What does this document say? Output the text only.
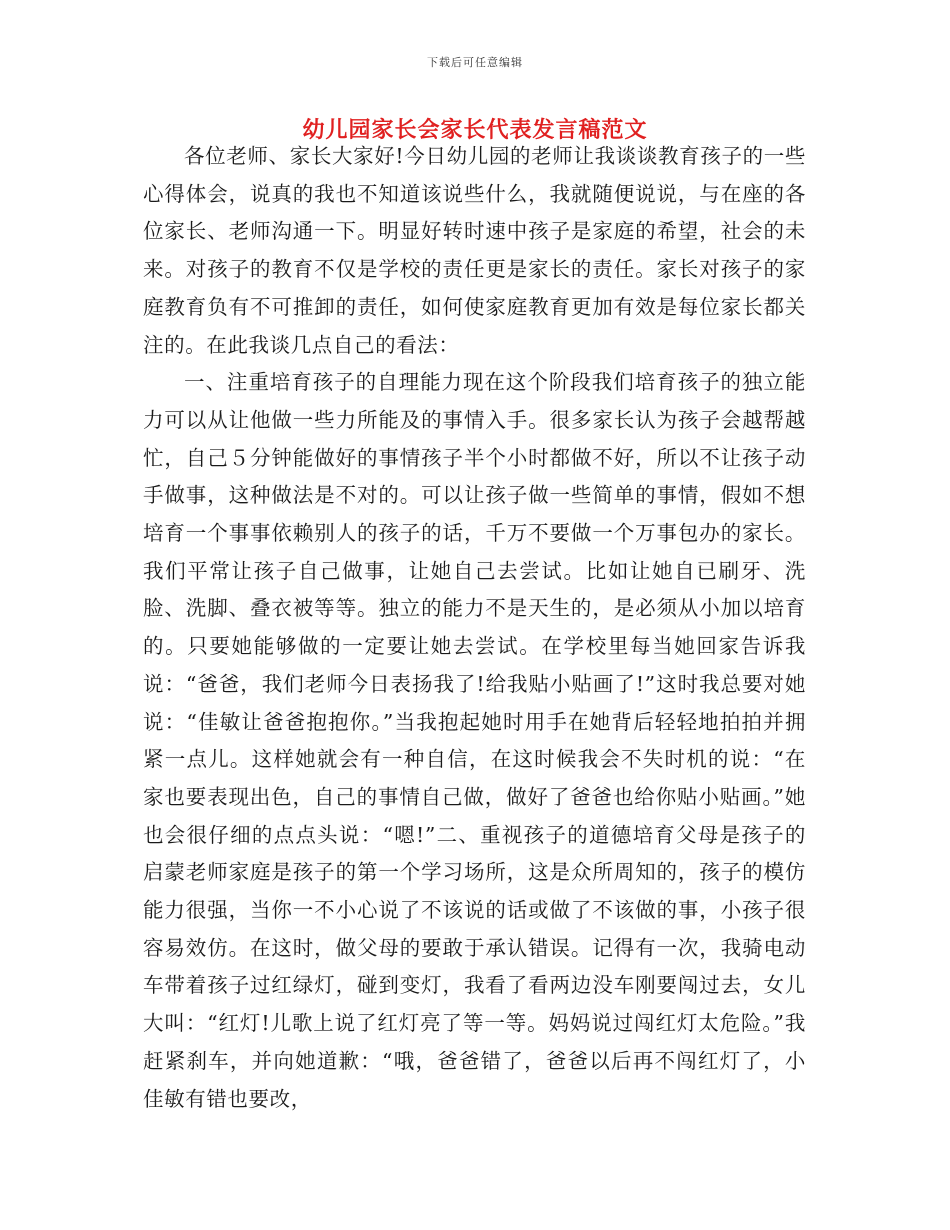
下载后可任意编辑
幼儿园家长会家长代表发言稿范文

各位老师、家长大家好!今日幼儿园的老师让我谈谈教育孩子的一些心得体会，说真的我也不知道该说些什么，我就随便说说，与在座的各位家长、老师沟通一下。明显好转时速中孩子是家庭的希望，社会的未来。对孩子的教育不仅是学校的责任更是家长的责任。家长对孩子的家庭教育负有不可推卸的责任，如何使家庭教育更加有效是每位家长都关注的。在此我谈几点自己的看法：

一、注重培育孩子的自理能力现在这个阶段我们培育孩子的独立能力可以从让他做一些力所能及的事情入手。很多家长认为孩子会越帮越忙，自己５分钟能做好的事情孩子半个小时都做不好，所以不让孩子动手做事，这种做法是不对的。可以让孩子做一些简单的事情，假如不想培育一个事事依赖别人的孩子的话，千万不要做一个万事包办的家长。我们平常让孩子自己做事，让她自己去尝试。比如让她自已刷牙、洗脸、洗脚、叠衣被等等。独立的能力不是天生的，是必须从小加以培育的。只要她能够做的一定要让她去尝试。在学校里每当她回家告诉我说：“爸爸，我们老师今日表扬我了!给我贴小贴画了!”这时我总要对她说：“佳敏让爸爸抱抱你。”当我抱起她时用手在她背后轻轻地拍拍并拥紧一点儿。这样她就会有一种自信，在这时候我会不失时机的说：“在家也要表现出色，自己的事情自己做，做好了爸爸也给你贴小贴画。”她也会很仔细的点点头说：“嗯!”二、重视孩子的道德培育父母是孩子的启蒙老师家庭是孩子的第一个学习场所，这是众所周知的，孩子的模仿能力很强，当你一不小心说了不该说的话或做了不该做的事，小孩子很容易效仿。在这时，做父母的要敢于承认错误。记得有一次，我骑电动车带着孩子过红绿灯，碰到变灯，我看了看两边没车刚要闯过去，女儿大叫：“红灯!儿歌上说了红灯亮了等一等。妈妈说过闯红灯太危险。”我赶紧刹车，并向她道歉：“哦，爸爸错了，爸爸以后再不闯红灯了，小佳敏有错也要改，
